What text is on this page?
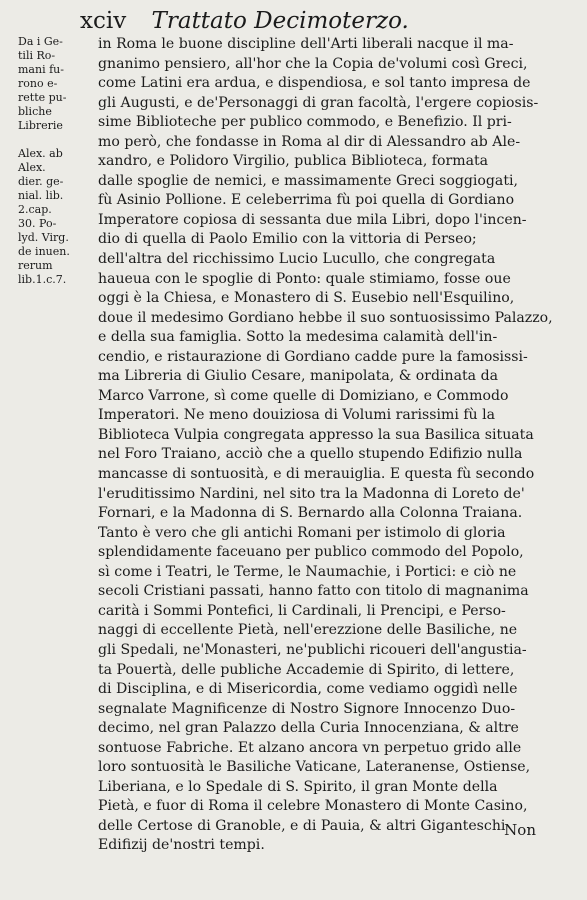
xciv Trattato Decimoterzo.
Da i Ge-
tili Ro-
mani fu-
rono e-
rette pu-
bliche
Librerie

Alex. ab
Alex.
dier. ge-
nial. lib.
2.cap.
30. Po-
lyd. Virg.
de inuen.
rerum
lib.1.c.7.
in Roma le buone discipline dell'Arti liberali nacque il ma-
gnanimo pensiero, all'hor che la Copia de'volumi così Greci,
come Latini era ardua, e dispendiosa, e sol tanto impresa de
gli Augusti, e de'Personaggi di gran facoltà, l'ergere copiosis-
sime Biblioteche per publico commodo, e Benefizio. Il pri-
mo però, che fondasse in Roma al dir di Alessandro ab Ale-
xandro, e Polidoro Virgilio, publica Biblioteca, formata
dalle spoglie de nemici, e massimamente Greci soggiogati,
fù Asinio Pollione. E celeberrima fù poi quella di Gordiano
Imperatore copiosa di sessanta due mila Libri, dopo l'incen-
dio di quella di Paolo Emilio con la vittoria di Perseo;
dell'altra del ricchissimo Lucio Lucullo, che congregata
haueua con le spoglie di Ponto: quale stimiamo, fosse oue
oggi è la Chiesa, e Monastero di S. Eusebio nell'Esquilino,
doue il medesimo Gordiano hebbe il suo sontuosissimo Palazzo,
e della sua famiglia. Sotto la medesima calamità dell'in-
cendio, e ristaurazione di Gordiano cadde pure la famosissi-
ma Libreria di Giulio Cesare, manipolata, & ordinata da
Marco Varrone, sì come quelle di Domiziano, e Commodo
Imperatori. Ne meno douiziosa di Volumi rarissimi fù la
Biblioteca Vulpia congregata appresso la sua Basilica situata
nel Foro Traiano, acciò che a quello stupendo Edifizio nulla
mancasse di sontuosità, e di merauiglia. E questa fù secondo
l'eruditissimo Nardini, nel sito tra la Madonna di Loreto de'
Fornari, e la Madonna di S. Bernardo alla Colonna Traiana.
Tanto è vero che gli antichi Romani per istimolo di gloria
splendidamente faceuano per publico commodo del Popolo,
sì come i Teatri, le Terme, le Naumachie, i Portici: e ciò ne
secoli Cristiani passati, hanno fatto con titolo di magnanima
carità i Sommi Pontefici, li Cardinali, li Prencipi, e Perso-
naggi di eccellente Pietà, nell'erezzione delle Basiliche, ne
gli Spedali, ne'Monasteri, ne'publichi ricoueri dell'angustia-
ta Pouertà, delle publiche Accademie di Spirito, di lettere,
di Disciplina, e di Misericordia, come vediamo oggidì nelle
segnalate Magnificenze di Nostro Signore Innocenzo Duo-
decimo, nel gran Palazzo della Curia Innocenziana, & altre
sontuose Fabriche. Et alzano ancora vn perpetuo grido alle
loro sontuosità le Basiliche Vaticane, Lateranense, Ostiense,
Liberiana, e lo Spedale di S. Spirito, il gran Monte della
Pietà, e fuor di Roma il celebre Monastero di Monte Casino,
delle Certose di Granoble, e di Pauia, & altri Giganteschi
Edifizij de'nostri tempi.
Non
